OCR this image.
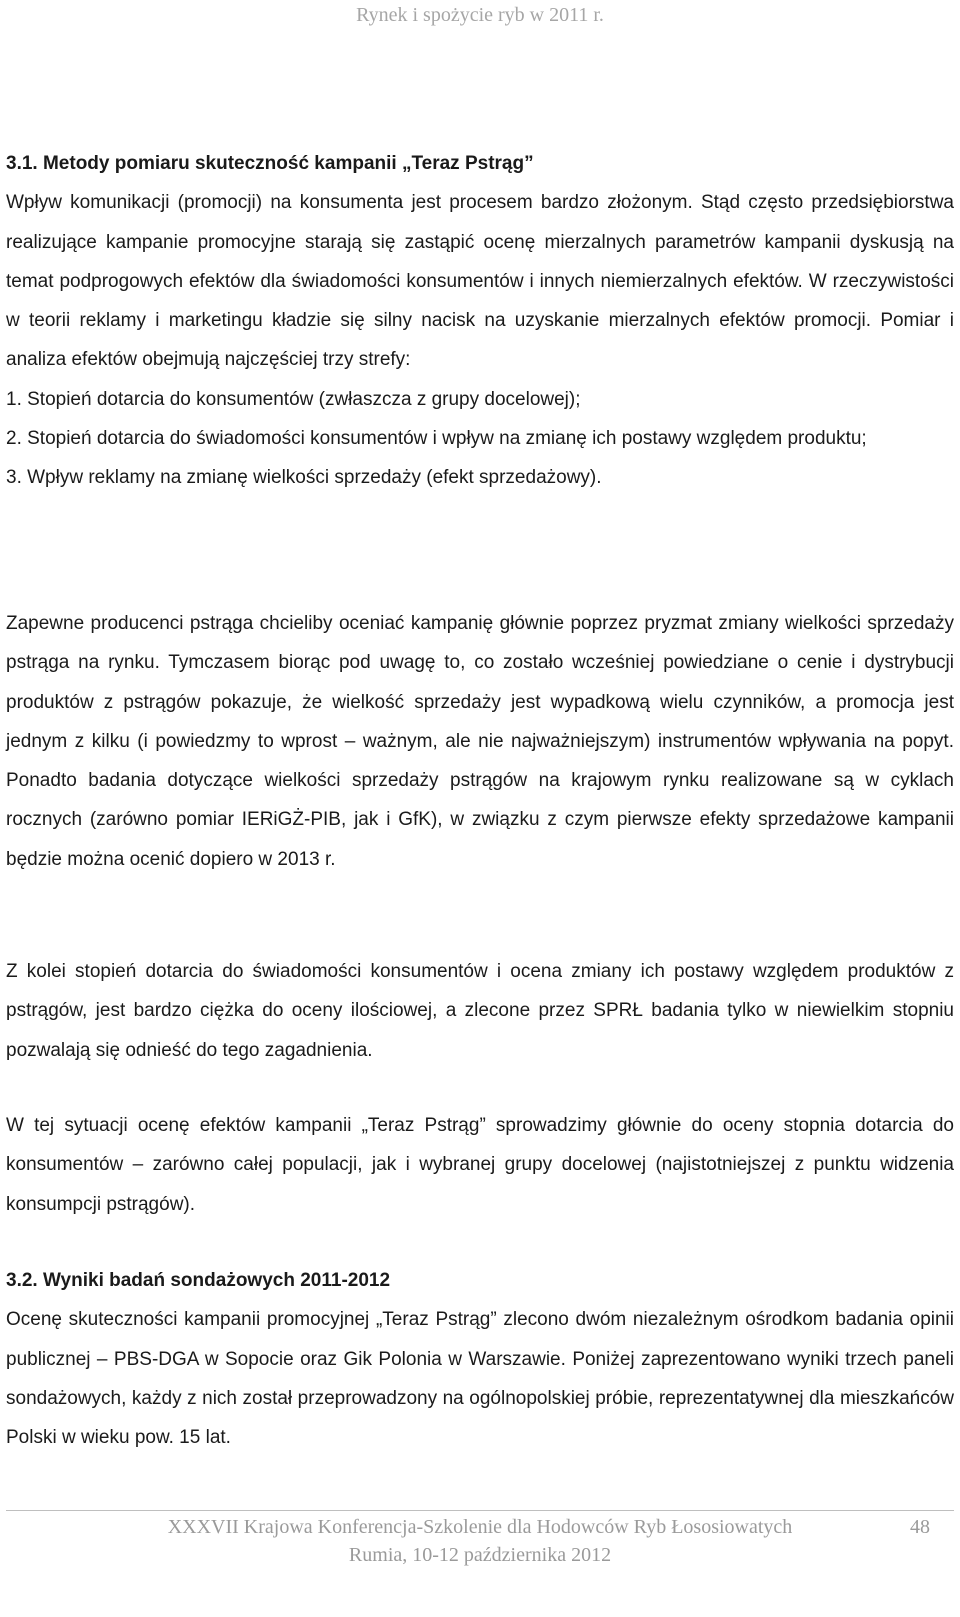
Rynek i spożycie ryb w 2011 r.

3.1. Metody pomiaru skuteczność kampanii „Teraz Pstrąg”

Wpływ komunikacji (promocji) na konsumenta jest procesem bardzo złożonym. Stąd często przedsiębiorstwa realizujące kampanie promocyjne starają się zastąpić ocenę mierzalnych parametrów kampanii dyskusją na temat podprogowych efektów dla świadomości konsumentów i innych niemierzalnych efektów. W rzeczywistości w teorii reklamy i marketingu kładzie się silny nacisk na uzyskanie mierzalnych efektów promocji. Pomiar i analiza efektów obejmują najczęściej trzy strefy:

1. Stopień dotarcia do konsumentów (zwłaszcza z grupy docelowej);

2. Stopień dotarcia do świadomości konsumentów i wpływ na zmianę ich postawy względem produktu;

3. Wpływ reklamy na zmianę wielkości sprzedaży (efekt sprzedażowy).

Zapewne producenci pstrąga chcieliby oceniać kampanię głównie poprzez pryzmat zmiany wielkości sprzedaży pstrąga na rynku. Tymczasem biorąc pod uwagę to, co zostało wcześniej powiedziane o cenie i dystrybucji produktów z pstrągów pokazuje, że wielkość sprzedaży jest wypadkową wielu czynników, a promocja jest jednym z kilku (i powiedzmy to wprost – ważnym, ale nie najważniejszym) instrumentów wpływania na popyt. Ponadto badania dotyczące wielkości sprzedaży pstrągów na krajowym rynku realizowane są w cyklach rocznych (zarówno pomiar IERiGŻ-PIB, jak i GfK), w związku z czym pierwsze efekty sprzedażowe kampanii będzie można ocenić dopiero w 2013 r.

Z kolei stopień dotarcia do świadomości konsumentów i ocena zmiany ich postawy względem produktów z pstrągów, jest bardzo ciężka do oceny ilościowej, a zlecone przez SPRŁ badania tylko w niewielkim stopniu pozwalają się odnieść do tego zagadnienia.

W tej sytuacji ocenę efektów kampanii „Teraz Pstrąg” sprowadzimy głównie do oceny stopnia dotarcia do konsumentów – zarówno całej populacji, jak i wybranej grupy docelowej (najistotniejszej z punktu widzenia konsumpcji pstrągów).

3.2. Wyniki badań sondażowych 2011-2012

Ocenę skuteczności kampanii promocyjnej „Teraz Pstrąg” zlecono dwóm niezależnym ośrodkom badania opinii publicznej – PBS-DGA w Sopocie oraz Gik Polonia w Warszawie. Poniżej zaprezentowano wyniki trzech paneli sondażowych, każdy z nich został przeprowadzony na ogólnopolskiej próbie, reprezentatywnej dla mieszkańców Polski w wieku pow. 15 lat.

XXXVII Krajowa Konferencja-Szkolenie dla Hodowców Ryb Łososiowatych
Rumia, 10-12 października 2012
48
